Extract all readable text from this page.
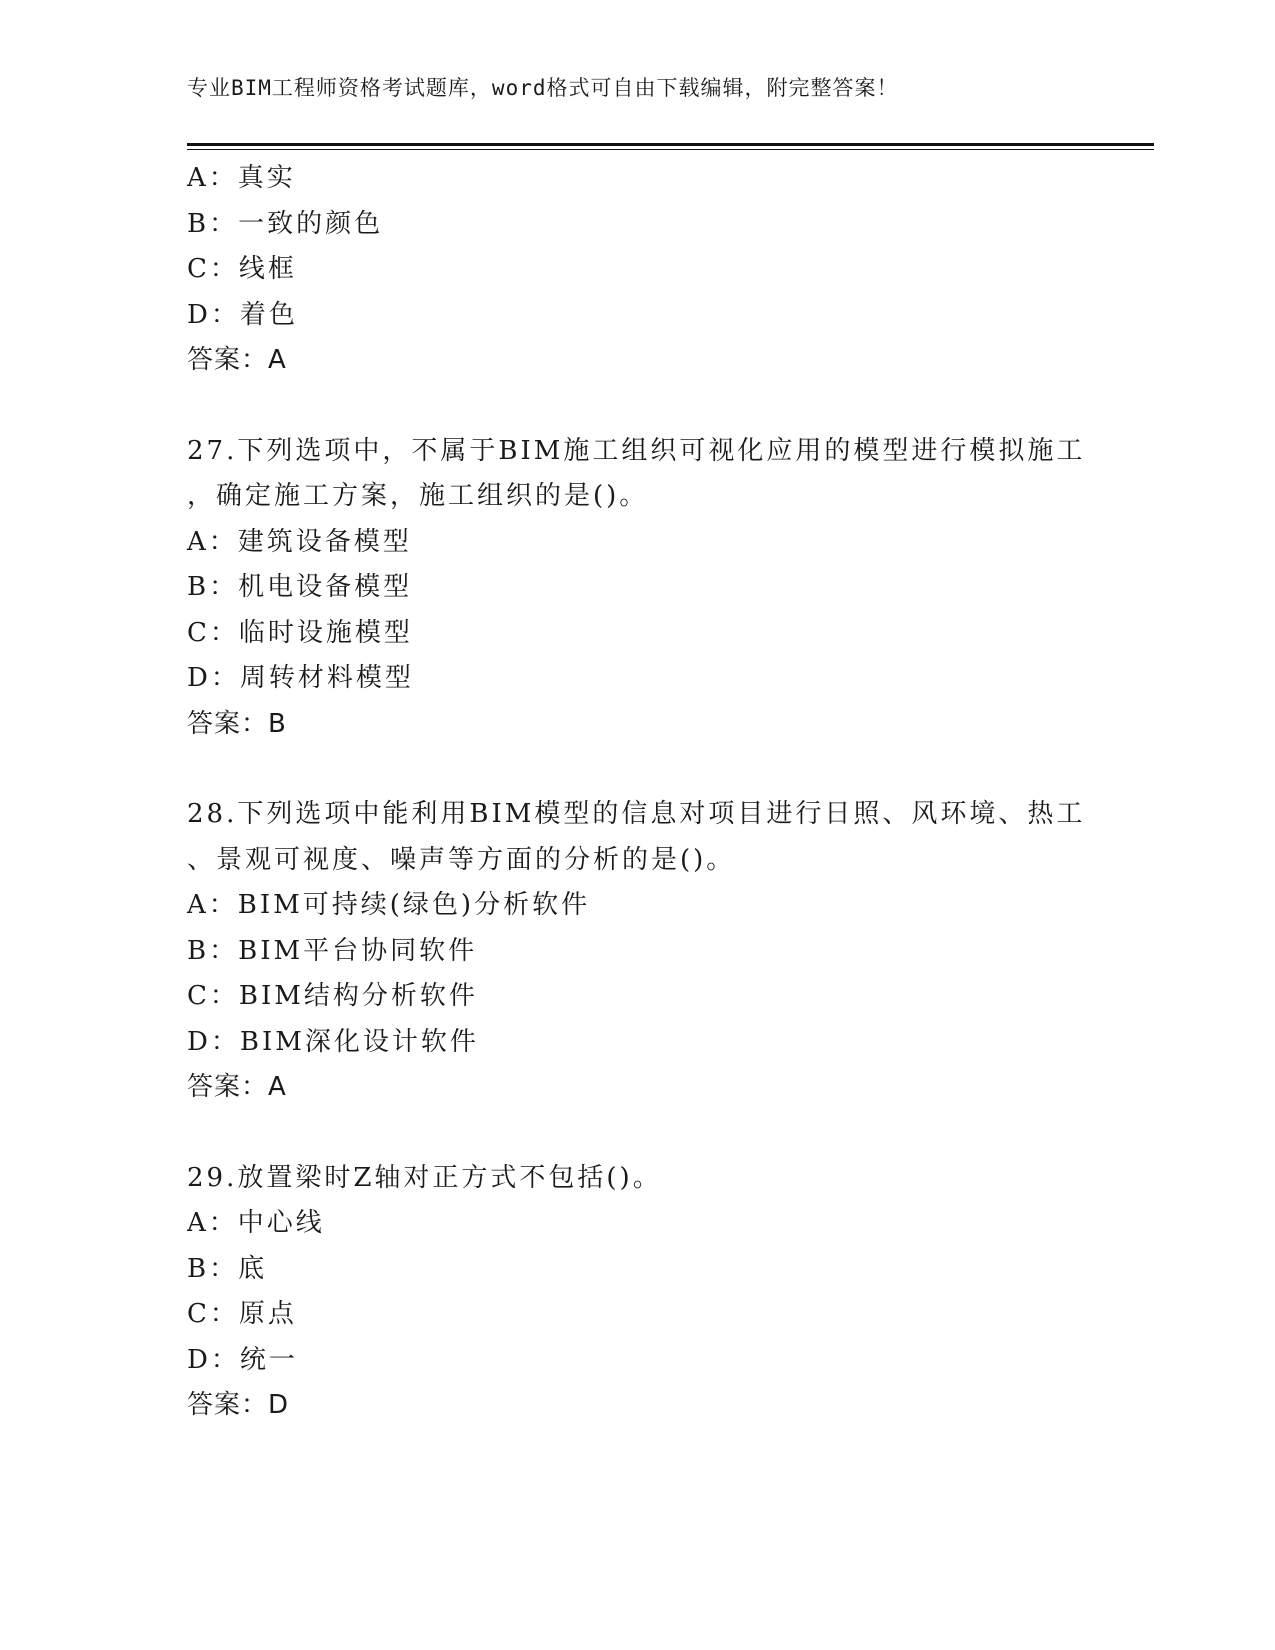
专业BIM工程师资格考试题库，word格式可自由下载编辑，附完整答案！
A：真实
B：一致的颜色
C：线框
D：着色
答案：A
27.下列选项中，不属于BIM施工组织可视化应用的模型进行模拟施工
，确定施工方案，施工组织的是()。
A：建筑设备模型
B：机电设备模型
C：临时设施模型
D：周转材料模型
答案：B
28.下列选项中能利用BIM模型的信息对项目进行日照、风环境、热工
、景观可视度、噪声等方面的分析的是()。
A：BIM可持续(绿色)分析软件
B：BIM平台协同软件
C：BIM结构分析软件
D：BIM深化设计软件
答案：A
29.放置梁时Z轴对正方式不包括()。
A：中心线
B：底
C：原点
D：统一
答案：D
